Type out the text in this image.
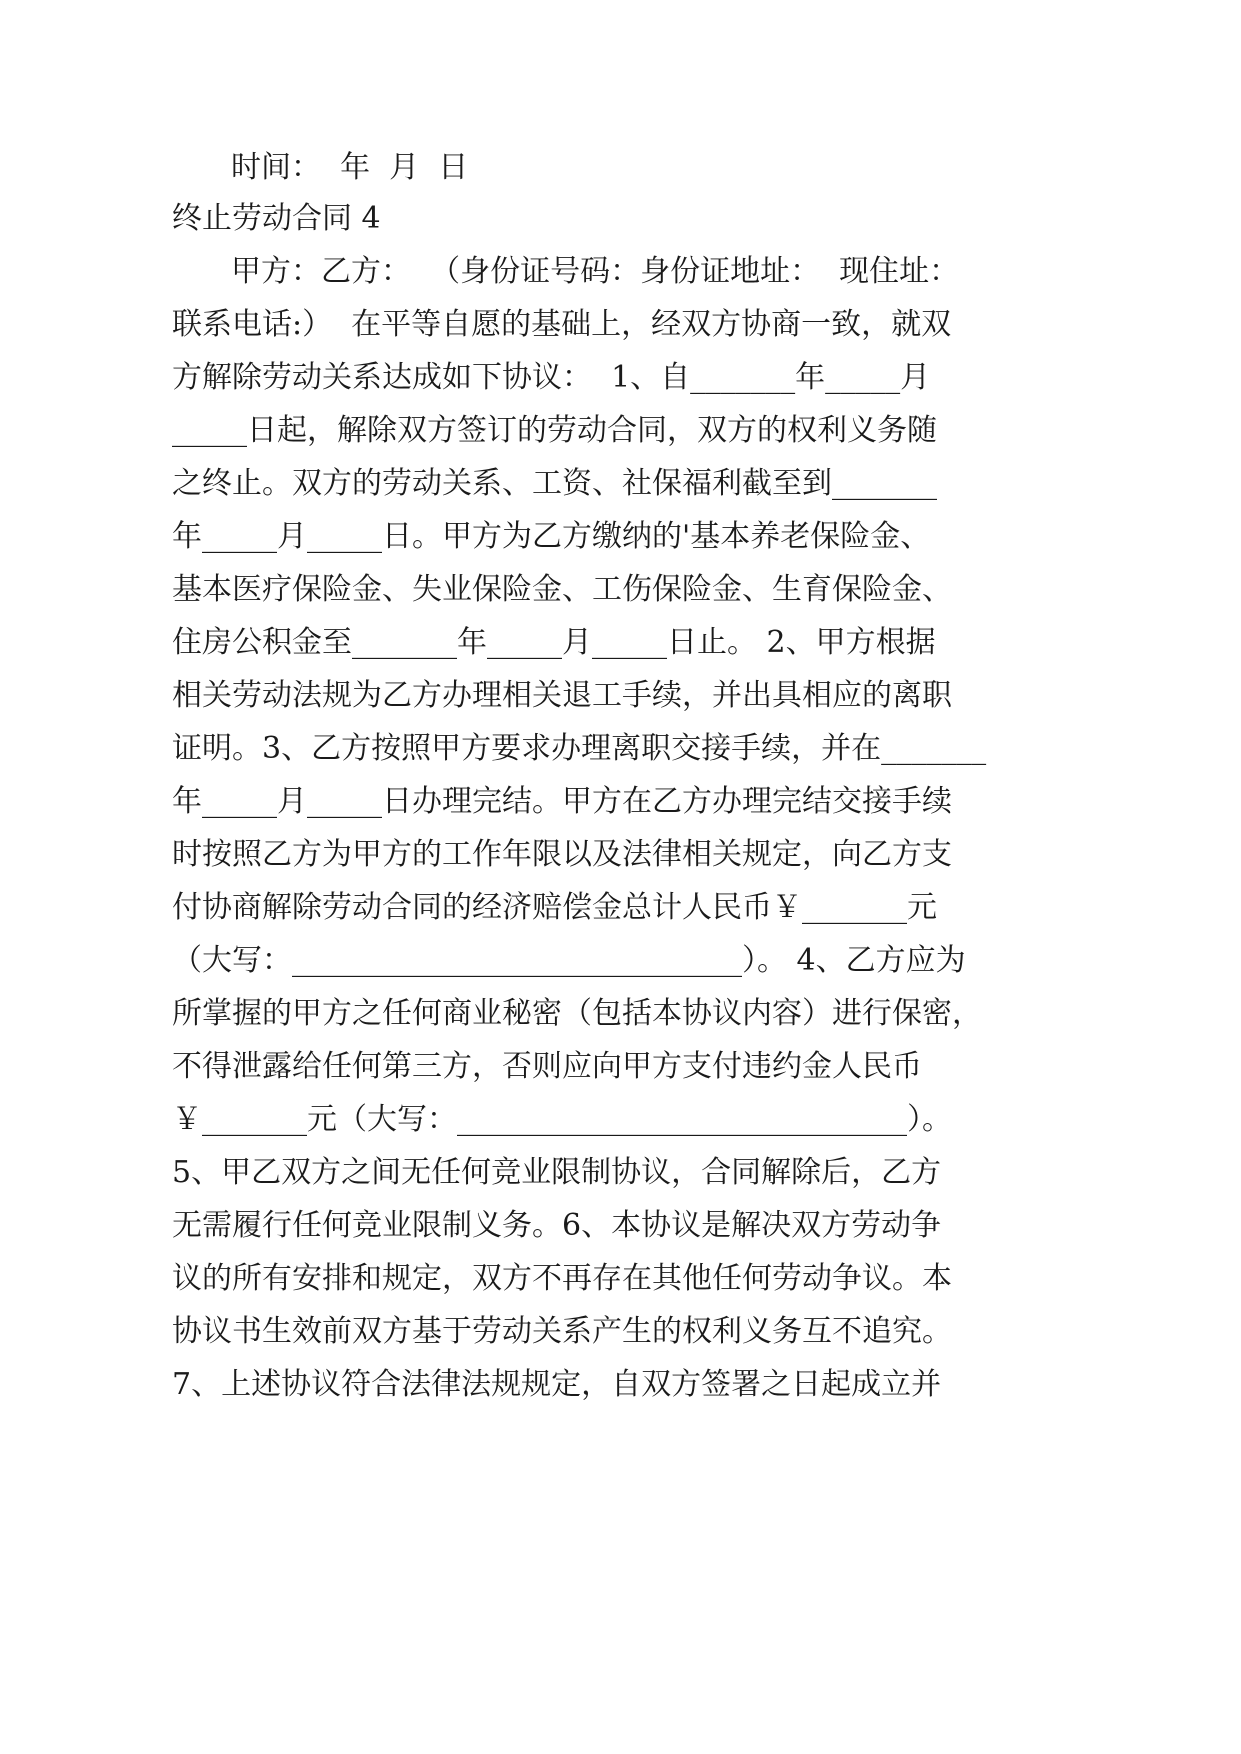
时间：  年  月  日

终止劳动合同 4

甲方：乙方：  （身份证号码：身份证地址：  现住址：

联系电话:）  在平等自愿的基础上，经双方协商一致，就双

方解除劳动关系达成如下协议：  1、自_______年_____月

_____日起，解除双方签订的劳动合同，双方的权利义务随

之终止。双方的劳动关系、工资、社保福利截至到_______

年_____月_____日。甲方为乙方缴纳的'基本养老保险金、

基本医疗保险金、失业保险金、工伤保险金、生育保险金、

住房公积金至_______年_____月_____日止。 2、甲方根据

相关劳动法规为乙方办理相关退工手续，并出具相应的离职

证明。3、乙方按照甲方要求办理离职交接手续，并在_______

年_____月_____日办理完结。甲方在乙方办理完结交接手续

时按照乙方为甲方的工作年限以及法律相关规定，向乙方支

付协商解除劳动合同的经济赔偿金总计人民币￥_______元

（大写：______________________________）。 4、乙方应为

所掌握的甲方之任何商业秘密（包括本协议内容）进行保密，

不得泄露给任何第三方，否则应向甲方支付违约金人民币

￥_______元（大写：______________________________）。

5、甲乙双方之间无任何竞业限制协议，合同解除后，乙方

无需履行任何竞业限制义务。6、本协议是解决双方劳动争

议的所有安排和规定，双方不再存在其他任何劳动争议。本

协议书生效前双方基于劳动关系产生的权利义务互不追究。

7、上述协议符合法律法规规定，自双方签署之日起成立并
